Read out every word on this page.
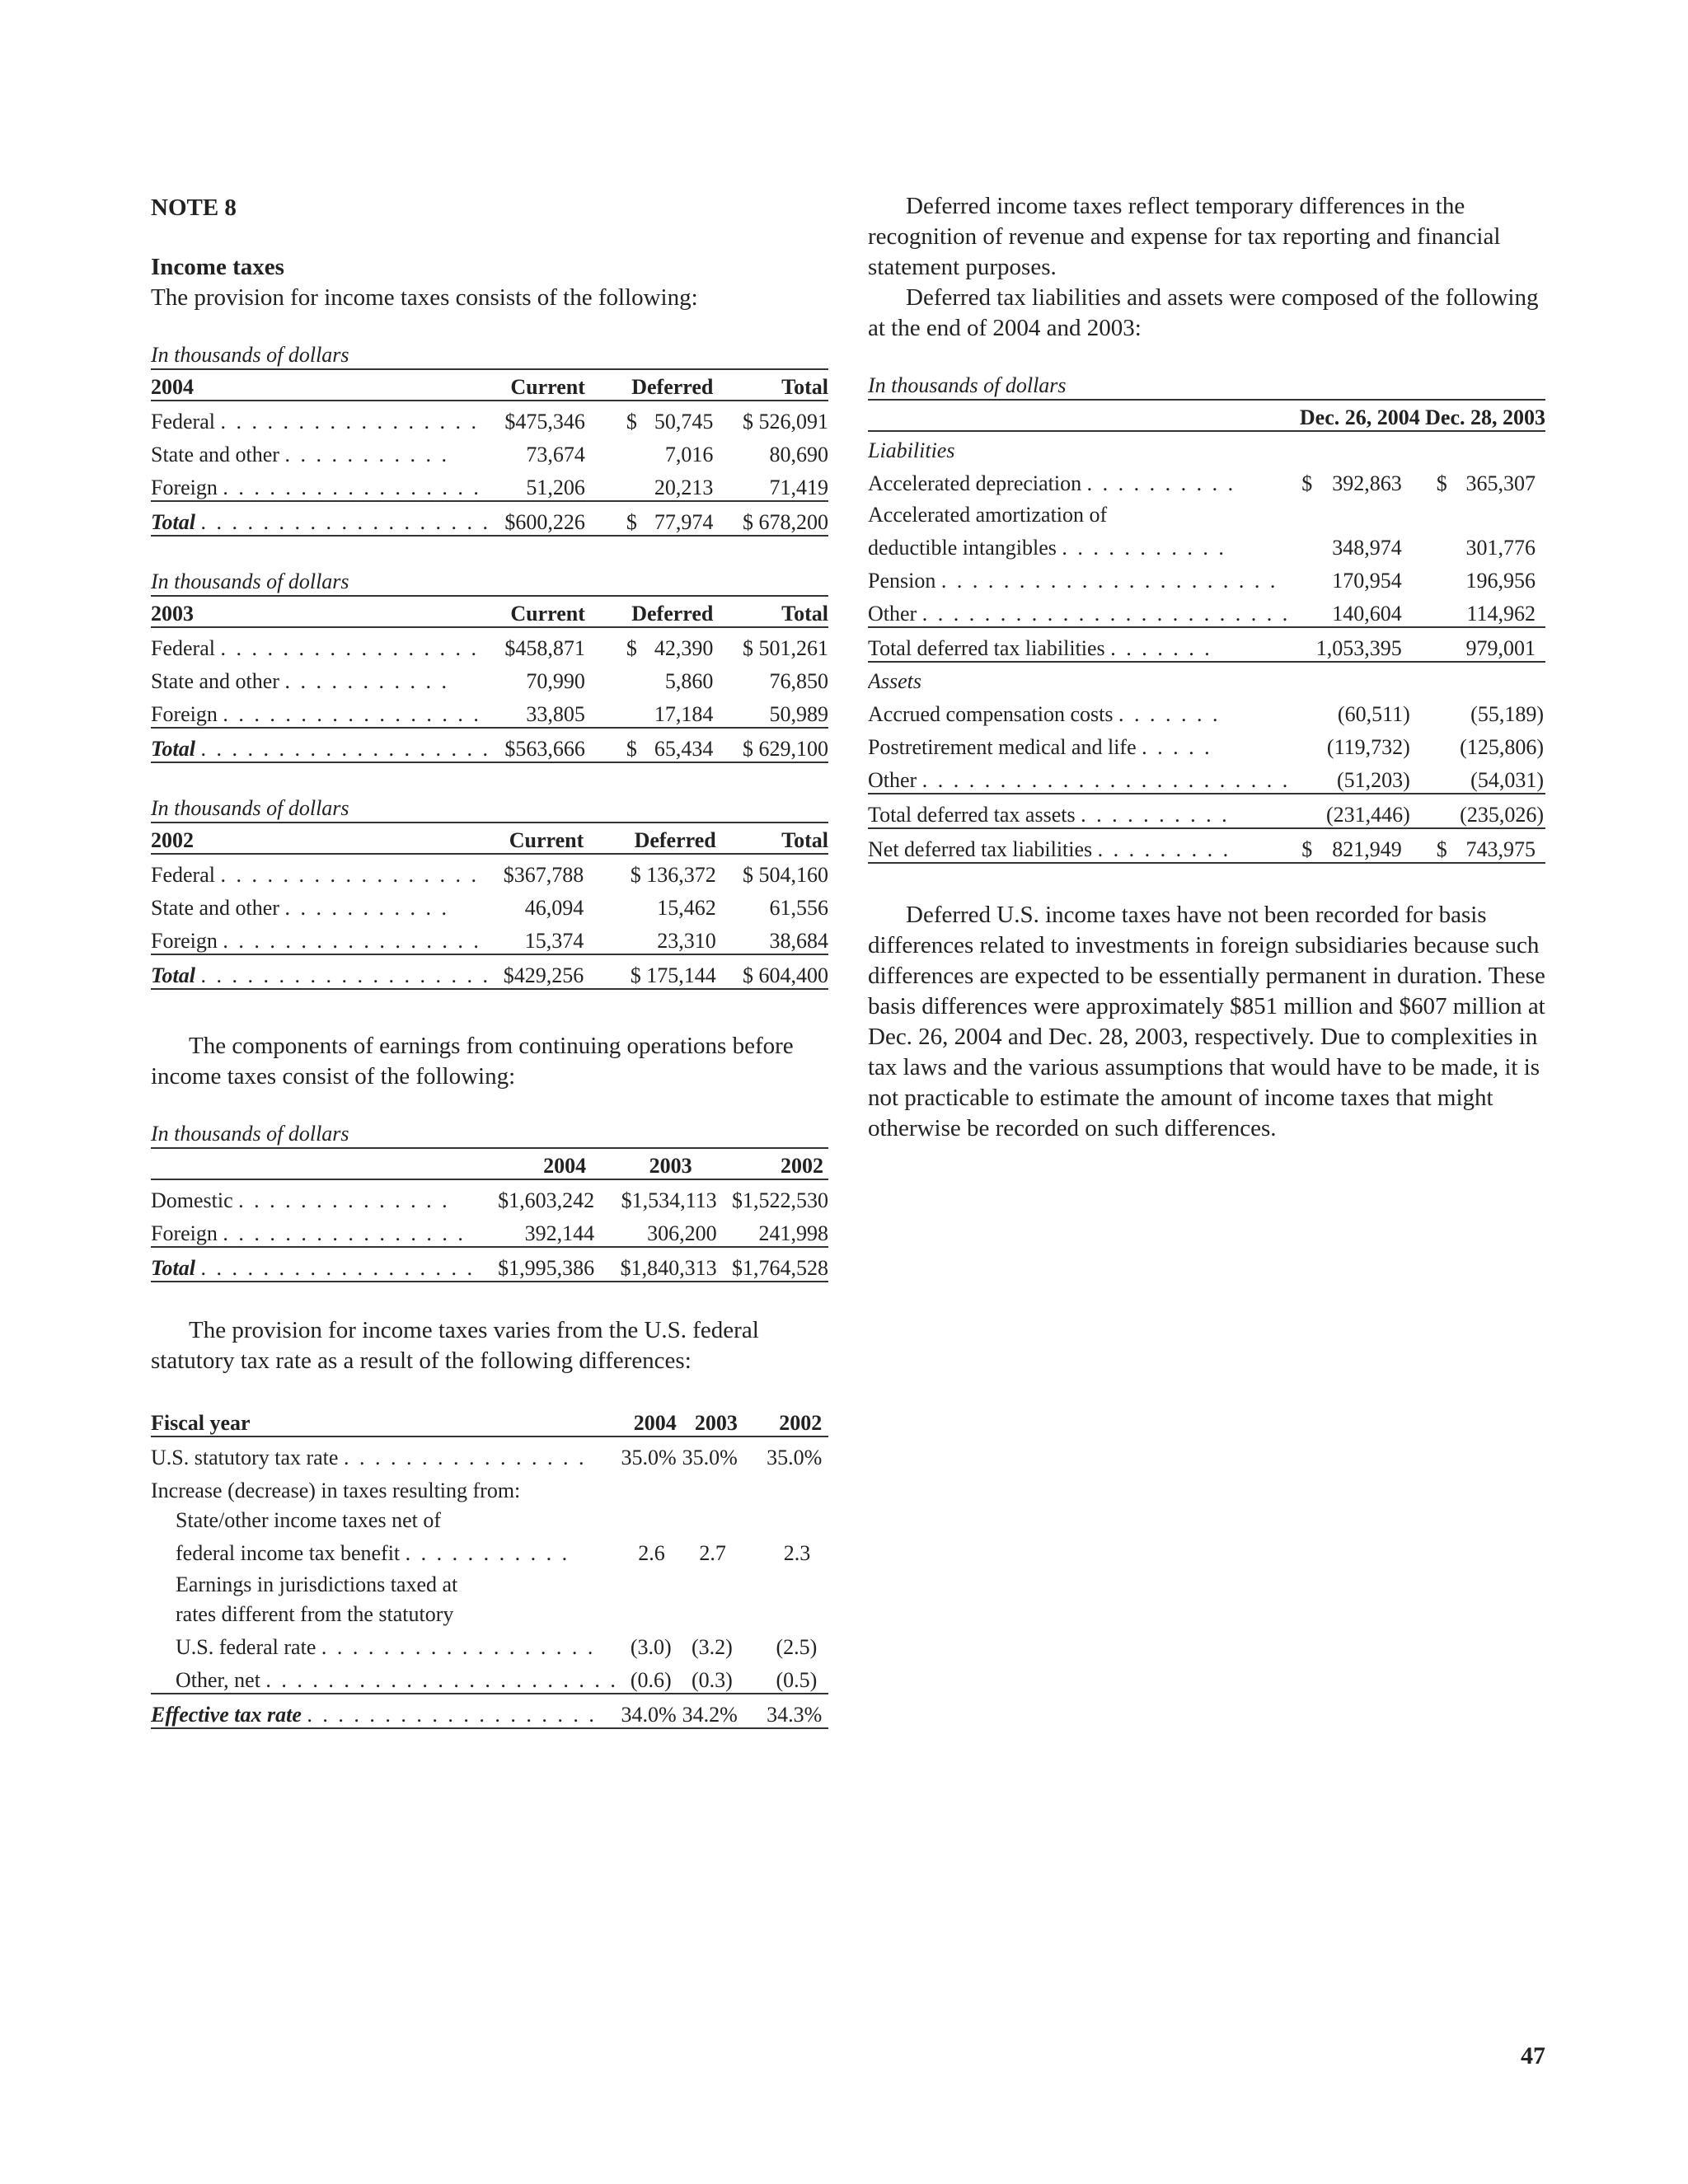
NOTE 8

Income taxes

The provision for income taxes consists of the following:

In thousands of dollars

2004	Current	Deferred	Total
Federal . . . . . . . . . . . . . . . . .	$475,346	$ 50,745	$ 526,091
State and other . . . . . . . . . . .	73,674	7,016	80,690
Foreign . . . . . . . . . . . . . . . . .	51,206	20,213	71,419
Total . . . . . . . . . . . . . . . . . . .	$600,226	$ 77,974	$ 678,200

In thousands of dollars

2003	Current	Deferred	Total
Federal . . . . . . . . . . . . . . . . .	$458,871	$ 42,390	$ 501,261
State and other . . . . . . . . . . .	70,990	5,860	76,850
Foreign . . . . . . . . . . . . . . . . .	33,805	17,184	50,989
Total . . . . . . . . . . . . . . . . . . .	$563,666	$ 65,434	$ 629,100

In thousands of dollars

2002	Current	Deferred	Total
Federal . . . . . . . . . . . . . . . . .	$367,788	$ 136,372	$ 504,160
State and other . . . . . . . . . . .	46,094	15,462	61,556
Foreign . . . . . . . . . . . . . . . . .	15,374	23,310	38,684
Total . . . . . . . . . . . . . . . . . . .	$429,256	$ 175,144	$ 604,400

The components of earnings from continuing operations before income taxes consist of the following:

In thousands of dollars

	2004	2003	2002
Domestic . . . . . . . . . . . . . .	$1,603,242	$1,534,113	$1,522,530
Foreign . . . . . . . . . . . . . . . .	392,144	306,200	241,998
Total . . . . . . . . . . . . . . . . . .	$1,995,386	$1,840,313	$1,764,528

The provision for income taxes varies from the U.S. federal statutory tax rate as a result of the following differences:

Fiscal year	2004	2003	2002	
U.S. statutory tax rate . . . . . . . . . . . . . . . .	35.0%	35.0%	35.0%	
Increase (decrease) in taxes resulting from:				
State/other income taxes net of				
federal income tax benefit . . . . . . . . . . .	2.6	2.7	2.3	
Earnings in jurisdictions taxed at				
rates different from the statutory				
U.S. federal rate . . . . . . . . . . . . . . . . . .	(3.0)	(3.2)	(2.5)	
Other, net . . . . . . . . . . . . . . . . . . . . . . .	(0.6)	(0.3)	(0.5)	
Effective tax rate . . . . . . . . . . . . . . . . . . .	34.0%	34.2%	34.3%	

Deferred income taxes reflect temporary differences in the recognition of revenue and expense for tax reporting and financial statement purposes.

Deferred tax liabilities and assets were composed of the following at the end of 2004 and 2003:

In thousands of dollars

	Dec. 26, 2004		Dec. 28, 2003	
Liabilities				
Accelerated depreciation . . . . . . . . . .	$	392,863	$	365,307
Accelerated amortization of				
deductible intangibles . . . . . . . . . . .		348,974		301,776
Pension . . . . . . . . . . . . . . . . . . . . . .		170,954		196,956
Other . . . . . . . . . . . . . . . . . . . . . . . .		140,604		114,962
Total deferred tax liabilities . . . . . . .		1,053,395		979,001
Assets				
Accrued compensation costs . . . . . . .		(60,511)		(55,189)
Postretirement medical and life . . . . .		(119,732)		(125,806)
Other . . . . . . . . . . . . . . . . . . . . . . . .		(51,203)		(54,031)
Total deferred tax assets . . . . . . . . . .		(231,446)		(235,026)
Net deferred tax liabilities . . . . . . . . .	$	821,949	$	743,975

Deferred U.S. income taxes have not been recorded for basis differences related to investments in foreign subsidiaries because such differences are expected to be essentially permanent in duration. These basis differences were approximately $851 million and $607 million at Dec. 26, 2004 and Dec. 28, 2003, respectively. Due to complexities in tax laws and the various assumptions that would have to be made, it is not practicable to estimate the amount of income taxes that might otherwise be recorded on such differences.

47
